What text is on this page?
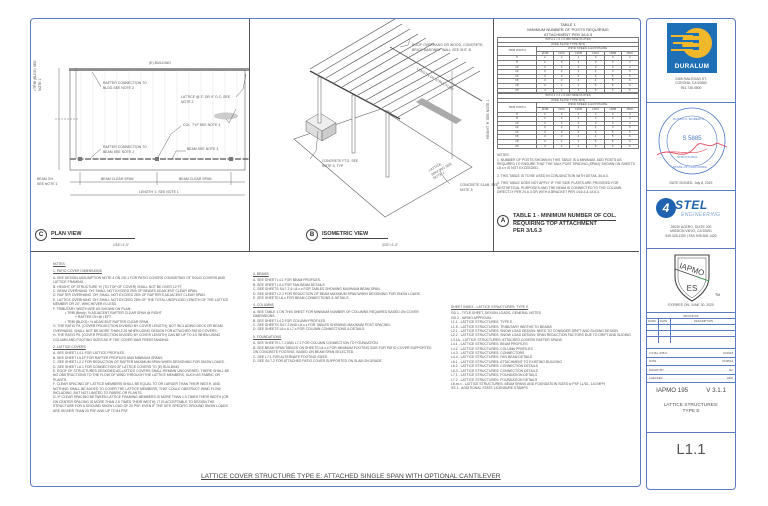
(E) BUILDING
RAFTER CONNECTION TO BLDG SEE NOTE 2
LATTICE @ 3" OR 4" O.C. SEE NOTE 2
COL. TYP SEE NOTE 4
RAFTER CONNECTION TO BEAM SEE NOTE 2
BEAM SEE NOTE 3
BEAM CLEAR SPAN	BEAM CLEAR SPAN
LENGTH 'L' SEE NOTE 1
BEAM OH SEE NOTE 1
=TRIB (BLDG) SEE NOTE 1
C	PLAN VIEW
1/16"=1'-0"
ROOF OVERHANG OR WOOD, CONCRETE, BRICK MASONRY WALL SEE SHT. B
LENGTH OF STRUCTURE
HEIGHT 'H' SEE NOTE 1
LATTICE SPACING SEE NOTE 2
CONCRETE FTG. SEE NOTE 5, TYP
CONCRETE SLAB, SEE NOTE 5
B	ISOMETRIC VIEW
3/32"=1'-0"

NOTES:

1. PATIO COVER DIMENSIONS

A. SEE DESIGN ASSUMPTION NOTE 4 ON GD.1 FOR PATIO COVERS CONSISTING OF SOLID COVERS AND LATTICE FRAMING.

B. HEIGHT OF STRUCTURE 'H' (TO TOP OF COVER) SHALL NOT BE OVER 12 FT.

C. BEAM OVERHANG 'OH' SHALL NOT EXCEED 25% OF BEAM'S ADJACENT CLEAR SPAN.

D. RAFTER OVERHANG 'OH' SHALL NOT EXCEED 25% OF RAFTER'S ADJACENT CLEAR SPAN.

E. LATTICE OVERHANG 'OH' SHALL NOT EXCEED 25% OF THE TOTAL UNSPLICED LENGTH OF THE LATTICE MEMBER OR 24", WHICHEVER IS LESS.

F. TRIBUTARY WIDTH ARE AS SHOWN ON PLAN:

• TRIB (Bm#)= ½ ADJACENT RAFTER CLEAR SPAN @ RIGHT

+ RAFTER OH @ LEFT

• TRIB (BLDG)= ½ ADJACENT RAFTER CLEAR SPAN

G. THE RATIO P/L (COVER PROJECTION DIVIDED BY COVER LENGTH), NOT INCLUDING DECK OR BEAM OVERHANG, SHALL NOT BE MORE THAN 2.25 WHEN USING DESIGN FOR ATTACHED PATIO COVERS.

H. THE RATIO P/L (COVER PROJECTION DIVIDED BY COVER LENGTH) CAN BE UP TO 4.0 WHEN USING COLUMN AND FOOTING SIZES AS IF THE COVER WAS FREESTANDING.

2. LATTICE COVERS

A. SEE SHEET L4.1 FOR LATTICE PROFILES.

B. SEE SHEET L5.1F FOR RAFTER PROFILES AND MINIMUM SPANS.

C. SEE SHEET L2.2 FOR REDUCTION OF RAFTER MAXIMUM SPAN WHEN DESIGNING FOR SNOW LOADS.

D. SEE SHEET L6.1 FOR CONNECTION OF LATTICE COVERS TO (E) BUILDING.

E. ROOF OF STRUCTURES DESIGNED AS LATTICE COVERS SHALL REMAIN UNCOVERED. THERE SHALL BE NO OBSTRUCTIONS TO THE FLOW OF WIND THROUGH THE LATTICE MEMBERS, SUCH AS FABRIC OR PLANTS.

F. CLEAR SPACING OF LATTICE MEMBERS SHALL BE EQUAL TO OR LARGER THAN THEIR WIDTH, AND NOTHING SHALL BE ADDED TO COVER THE LATTICE MEMBERS, THAT COULD OBSTRUCT WIND FLOW, INCLUDING, BUT NOT LIMITED TO FABRIC OR PLANTS.

G. IF CLEAR SPACING BETWEEN LATTICE FRAMING MEMBERS IS MORE THAN 1.5 TIMES THEIR WIDTH (OR ON CENTER SPACING IS MORE THAN 2.5 TIMES THEIR WIDTH), IT IS ACCEPTABLE TO DESIGN THE STRUCTURE FOR A GROUND SNOW LOAD OF 20 PSF, EVEN IF THE SITE SPECIFIC GROUND SNOW LOADS ARE HIGHER THAN 20 PSF AND UP TO 84 PSF.

3. BEAMS

A. SEE SHEET L4.1 FOR BEAM PROFILES.

B. SEE SHEET L4.4 FOR FAN BEAM DETAILS.

C. SEE SHEETS S/L7.2 & L8.x.x FOR TABLES SHOWING MAXIMUM BEAM SPAN.

D. SEE SHEET L2.2 FOR REDUCTION OF BEAM MAXIMUM SPAN WHEN DESIGNING FOR SNOW LOADS.

E. SEE SHEETS L6.x FOR BEAM CONNECTIONS & DETAILS.

4. COLUMNS

A. SEE TABLE 1 ON THIS SHEET FOR MINIMUM NUMBER OF COLUMNS REQUIRED BASED ON COVER DIMENSIONS.

B. SEE SHEET L4.2 FOR COLUMN PROFILES.

C. SEE SHEETS S/L7.2 AND L8.x.x FOR TABLES SHOWING MAXIMUM POST SPACING.

D. SEE SHEETS L6.x & L7.x FOR COLUMN CONNECTIONS & DETAILS.

5. FOUNDATIONS

A. SEE SHEETS L7.1 AND L7.2 FOR COLUMN CONNECTION TO FOUNDATION.

B. SEE BEAM SPAN TABLES ON SHEETS L8.x.x FOR MINIMUM FOOTING SIZE FOR PATIO COVER SUPPORTED ON CONCRETE FOOTING, BASED ON BEAM SPAN SELECTED.

C. SEE L7.1 FOR ALTERNATE FOOTING SIZES.

D. SEE S/L7.2 FOR ATTACHED PATIO COVER SUPPORTED ON SLAB ON GRADE.

SHEET INDEX - LATTICE STRUCTURES: TYPE E

GD.1 - TITLE SHEET, DESIGN LOADS, GENERAL NOTES

GD.2 - IAPMO APPROVAL

L1.1 - LATTICE STRUCTURES: TYPE E

L1.5 - LATTICE STRUCTURES: TRIBUTARY WIDTHS TO BEAMS

L2.1 - LATTICE STRUCTURES: SNOW LOAD DESIGN: NEED TO CONSIDER DRIFT AND SLIDING DESIGN

L2.2 - LATTICE STRUCTURES: SNOW LOAD DESIGN: SPAN REDUCTION FACTORS DUE TO DRIFT AND SLIDING

L3.1A - LATTICE STRUCTURES: ATTACHED COVERS RAFTER SPANS

L4.1 - LATTICE STRUCTURES: BEAM PROFILES

L4.2 - LATTICE STRUCTURES: COLUMN PROFILES

L4.3 - LATTICE STRUCTURES: CONNECTORS

L4.4 - LATTICE STRUCTURES: FAN BEAM DETAILS

L6.1 - LATTICE STRUCTURES: ATTACHMENT TO EXISTING BUILDING

L6.2 - LATTICE STRUCTURES: CONNECTION DETAILS

L6.3 - LATTICE STRUCTURES: CONNECTION DETAILS

L7.1 - LATTICE STRUCTURES: FOUNDATION DETAILS

L7.2 - LATTICE STRUCTURES: FOUNDATION DETAILS

L8.xx.x - LATTICE STRUCTURES: BEAM SPANS AND FOUNDATION SIZES w PSF LL/DL, 140 MPH

SS.1 - ADDITIONAL STATE LICENSURE STAMPS

LATTICE COVER STRUCTURE TYPE E: ATTACHED SINGLE SPAN WITH OPTIONAL CANTILEVER
TABLE 1
MINIMUM NUMBER OF POSTS REQUIRING
ATTACHMENT PER 3/L6.3
WITH 2 x 6 x 0.060 SIDE PLATES						
(SIDE PLATE TYPE SP1)						
TRIB WIDTH	WIND SPEED & EXPOSURE					
	110B	110C	130B	130C	150B	180C
6'	2	2	2	3	3	3
8'	2	3	3	3	3	4
10'	2	3	3	3	4	4
12'	3	3	3	4	4	5
14'	3	3	4	4	5	5
16'	3	3	4	4	5	6
18'	3	4	4	5	5	6
20'	4	4	4	5	6	6
WITH 2 x 6 x 0.042 SIDE PLATES						
(SIDE PLATE TYPE SP4)						
TRIB WIDTH	WIND SPEED & EXPOSURE					
	110B	110C	130B	130C	150B	180C
6'	2	2	2	3	3	3
8'	2	3	3	3	3	4
10'	2	3	3	3	4	4
12'	3	3	3	4	4	5
14'	3	3	4	4	5	5
16'	3	3	4	4	5	6
18'	3	4	4	5	5	6
20'	4	4	4	5	6	6

NOTES:

1. NUMBER OF POSTS SHOWN IN THIS TABLE IS A MINIMUM. ADD POSTS AS REQUIRED TO ENSURE THAT THE 'MAX POST SPACING (SPAN)' SHOWN ON SHEETS L8.x.x IS NOT EXCEEDED.

2. THIS TABLE IS TO BE USED IN CONJUNCTION WITH DETAIL 3/L6.3.

3. THIS TABLE DOES NOT APPLY IF THE SIDE PLATES ARE PROVIDED FOR AESTHETICAL PURPOSES AND THE BEAM IS CONNECTED TO THE COLUMN DIRECTLY PER 2/L6.3 OR WITH A BRACKET PER 1/L6.3 & 1/L6.3.

A
TABLE 1 - MINIMUM NUMBER OF COL.
REQUIRING TOP ATTACHMENT
PER 3/L6.3
DURALUM
2485 RAILROAD ST.
CORONA, CA 92880
951.736.4500
S 5885
DUSTIN K. ROBERTS
STRUCTURAL
STATE OF CALIFORNIA
DATE SIGNED: July 8, 2019
4 STEL
ENGINEERING
26030 ACERO, SUITE 200
MISSION VIEJO, CA 92691
949.305.1150 | FAX 949.305.1420
IAPMO
ES
TM
EXPIRES ON: JUNE 30, 2020
REVISIONS
MARK	DATE	DESCRIPTION
4 STEL JOB #	SV0018
DATE	07/08/19
DRAWN BY	RC
CHECKED	HRO
IAPMO 195	V 3.1.1
LATTICE STRUCTURES: TYPE E
L1.1
